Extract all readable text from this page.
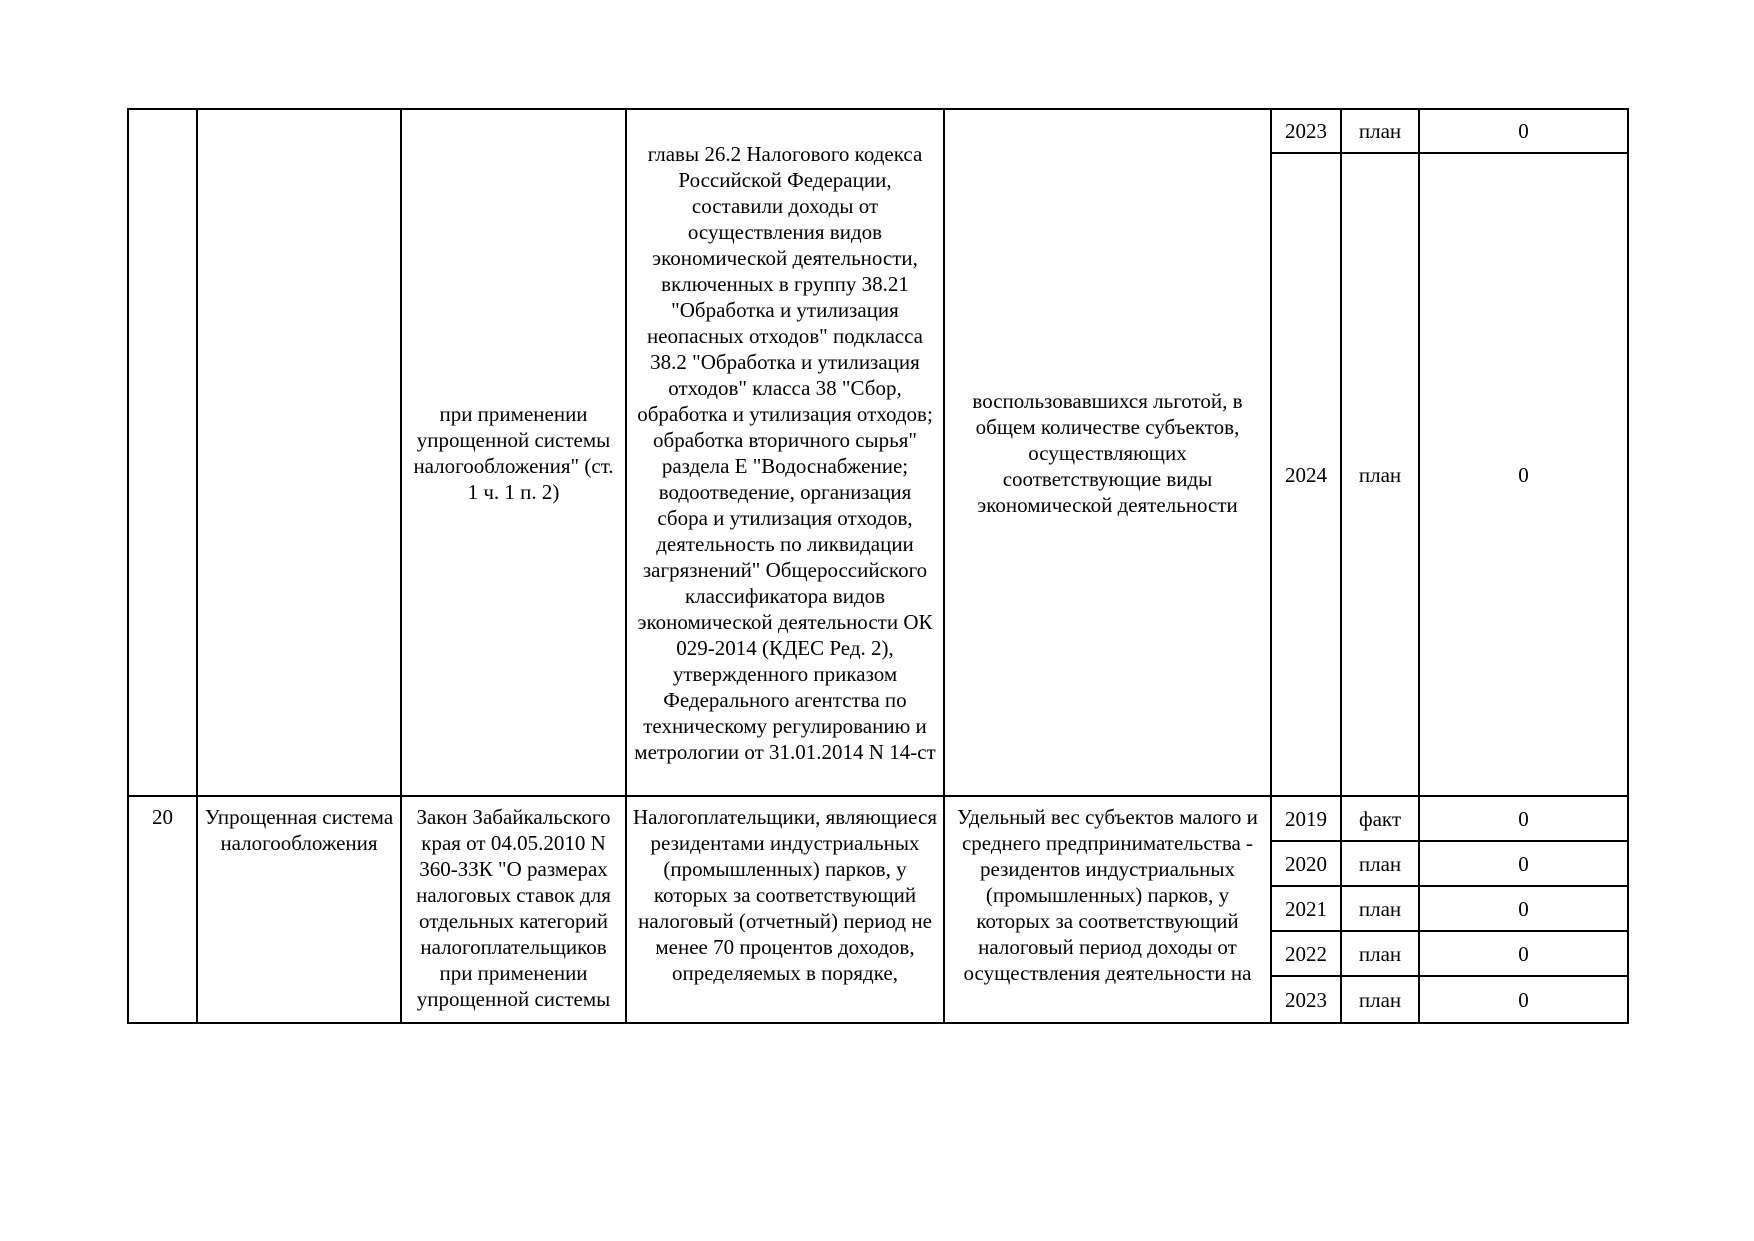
		при применении упрощенной системы налогообложения" (ст. 1 ч. 1 п. 2)	главы 26.2 Налогового кодекса Российской Федерации, составили доходы от осуществления видов экономической деятельности, включенных в группу 38.21 "Обработка и утилизация неопасных отходов" подкласса 38.2 "Обработка и утилизация отходов" класса 38 "Сбор, обработка и утилизация отходов; обработка вторичного сырья" раздела Е "Водоснабжение; водоотведение, организация сбора и утилизация отходов, деятельность по ликвидации загрязнений" Общероссийского классификатора видов экономической деятельности ОК 029-2014 (КДЕС Ред. 2), утвержденного приказом Федерального агентства по техническому регулированию и метрологии от 31.01.2014 N 14-ст	воспользовавшихся льготой, в общем количестве субъектов, осуществляющих соответствующие виды экономической деятельности	2023	план	0
					2024	план	0

20	Упрощенная система налогообложения	Закон Забайкальского края от 04.05.2010 N 360-ЗЗК "О размерах налоговых ставок для отдельных категорий налогоплательщиков при применении упрощенной системы	Налогоплательщики, являющиеся резидентами индустриальных (промышленных) парков, у которых за соответствующий налоговый (отчетный) период не менее 70 процентов доходов, определяемых в порядке,	Удельный вес субъектов малого и среднего предпринимательства - резидентов индустриальных (промышленных) парков, у которых за соответствующий налоговый период доходы от осуществления деятельности на	2019	факт	0
					2020	план	0
					2021	план	0
					2022	план	0
					2023	план	0
